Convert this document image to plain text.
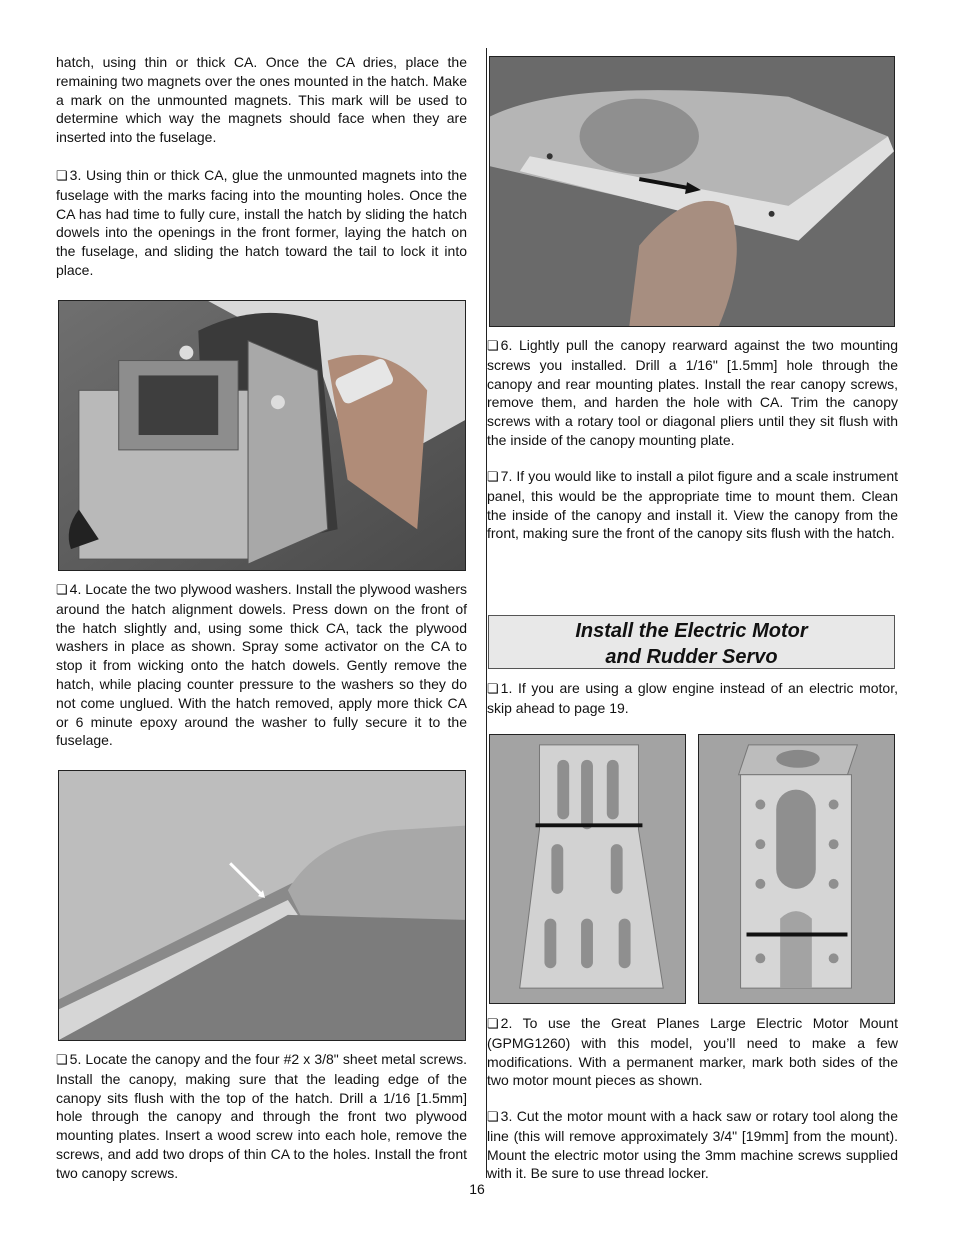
hatch, using thin or thick CA. Once the CA dries, place the remaining two magnets over the ones mounted in the hatch. Make a mark on the unmounted magnets. This mark will be used to determine which way the magnets should face when they are inserted into the fuselage.

❏ 3. Using thin or thick CA, glue the unmounted magnets into the fuselage with the marks facing into the mounting holes. Once the CA has had time to fully cure, install the hatch by sliding the hatch dowels into the openings in the front former, laying the hatch on the fuselage, and sliding the hatch toward the tail to lock it into place.

❏ 4. Locate the two plywood washers. Install the plywood washers around the hatch alignment dowels. Press down on the front of the hatch slightly and, using some thick CA, tack the plywood washers in place as shown. Spray some activator on the CA to stop it from wicking onto the hatch dowels. Gently remove the hatch, while placing counter pressure to the washers so they do not come unglued. With the hatch removed, apply more thick CA or 6 minute epoxy around the washer to fully secure it to the fuselage.

❏ 5. Locate the canopy and the four #2 x 3/8" sheet metal screws. Install the canopy, making sure that the leading edge of the canopy sits flush with the top of the hatch. Drill a 1/16 [1.5mm] hole through the canopy and through the front two plywood mounting plates. Insert a wood screw into each hole, remove the screws, and add two drops of thin CA to the holes. Install the front two canopy screws.

❏ 6. Lightly pull the canopy rearward against the two mounting screws you installed. Drill a 1/16" [1.5mm] hole through the canopy and rear mounting plates. Install the rear canopy screws, remove them, and harden the hole with CA. Trim the canopy screws with a rotary tool or diagonal pliers until they sit flush with the inside of the canopy mounting plate.

❏ 7. If you would like to install a pilot figure and a scale instrument panel, this would be the appropriate time to mount them. Clean the inside of the canopy and install it. View the canopy from the front, making sure the front of the canopy sits flush with the hatch.

Install the Electric Motor
and Rudder Servo

❏ 1. If you are using a glow engine instead of an electric motor, skip ahead to page 19.

❏ 2. To use the Great Planes Large Electric Motor Mount (GPMG1260) with this model, you’ll need to make a few modifications. With a permanent marker, mark both sides of the two motor mount pieces as shown.

❏ 3. Cut the motor mount with a hack saw or rotary tool along the line (this will remove approximately 3/4" [19mm] from the mount). Mount the electric motor using the 3mm machine screws supplied with it. Be sure to use thread locker.

16
